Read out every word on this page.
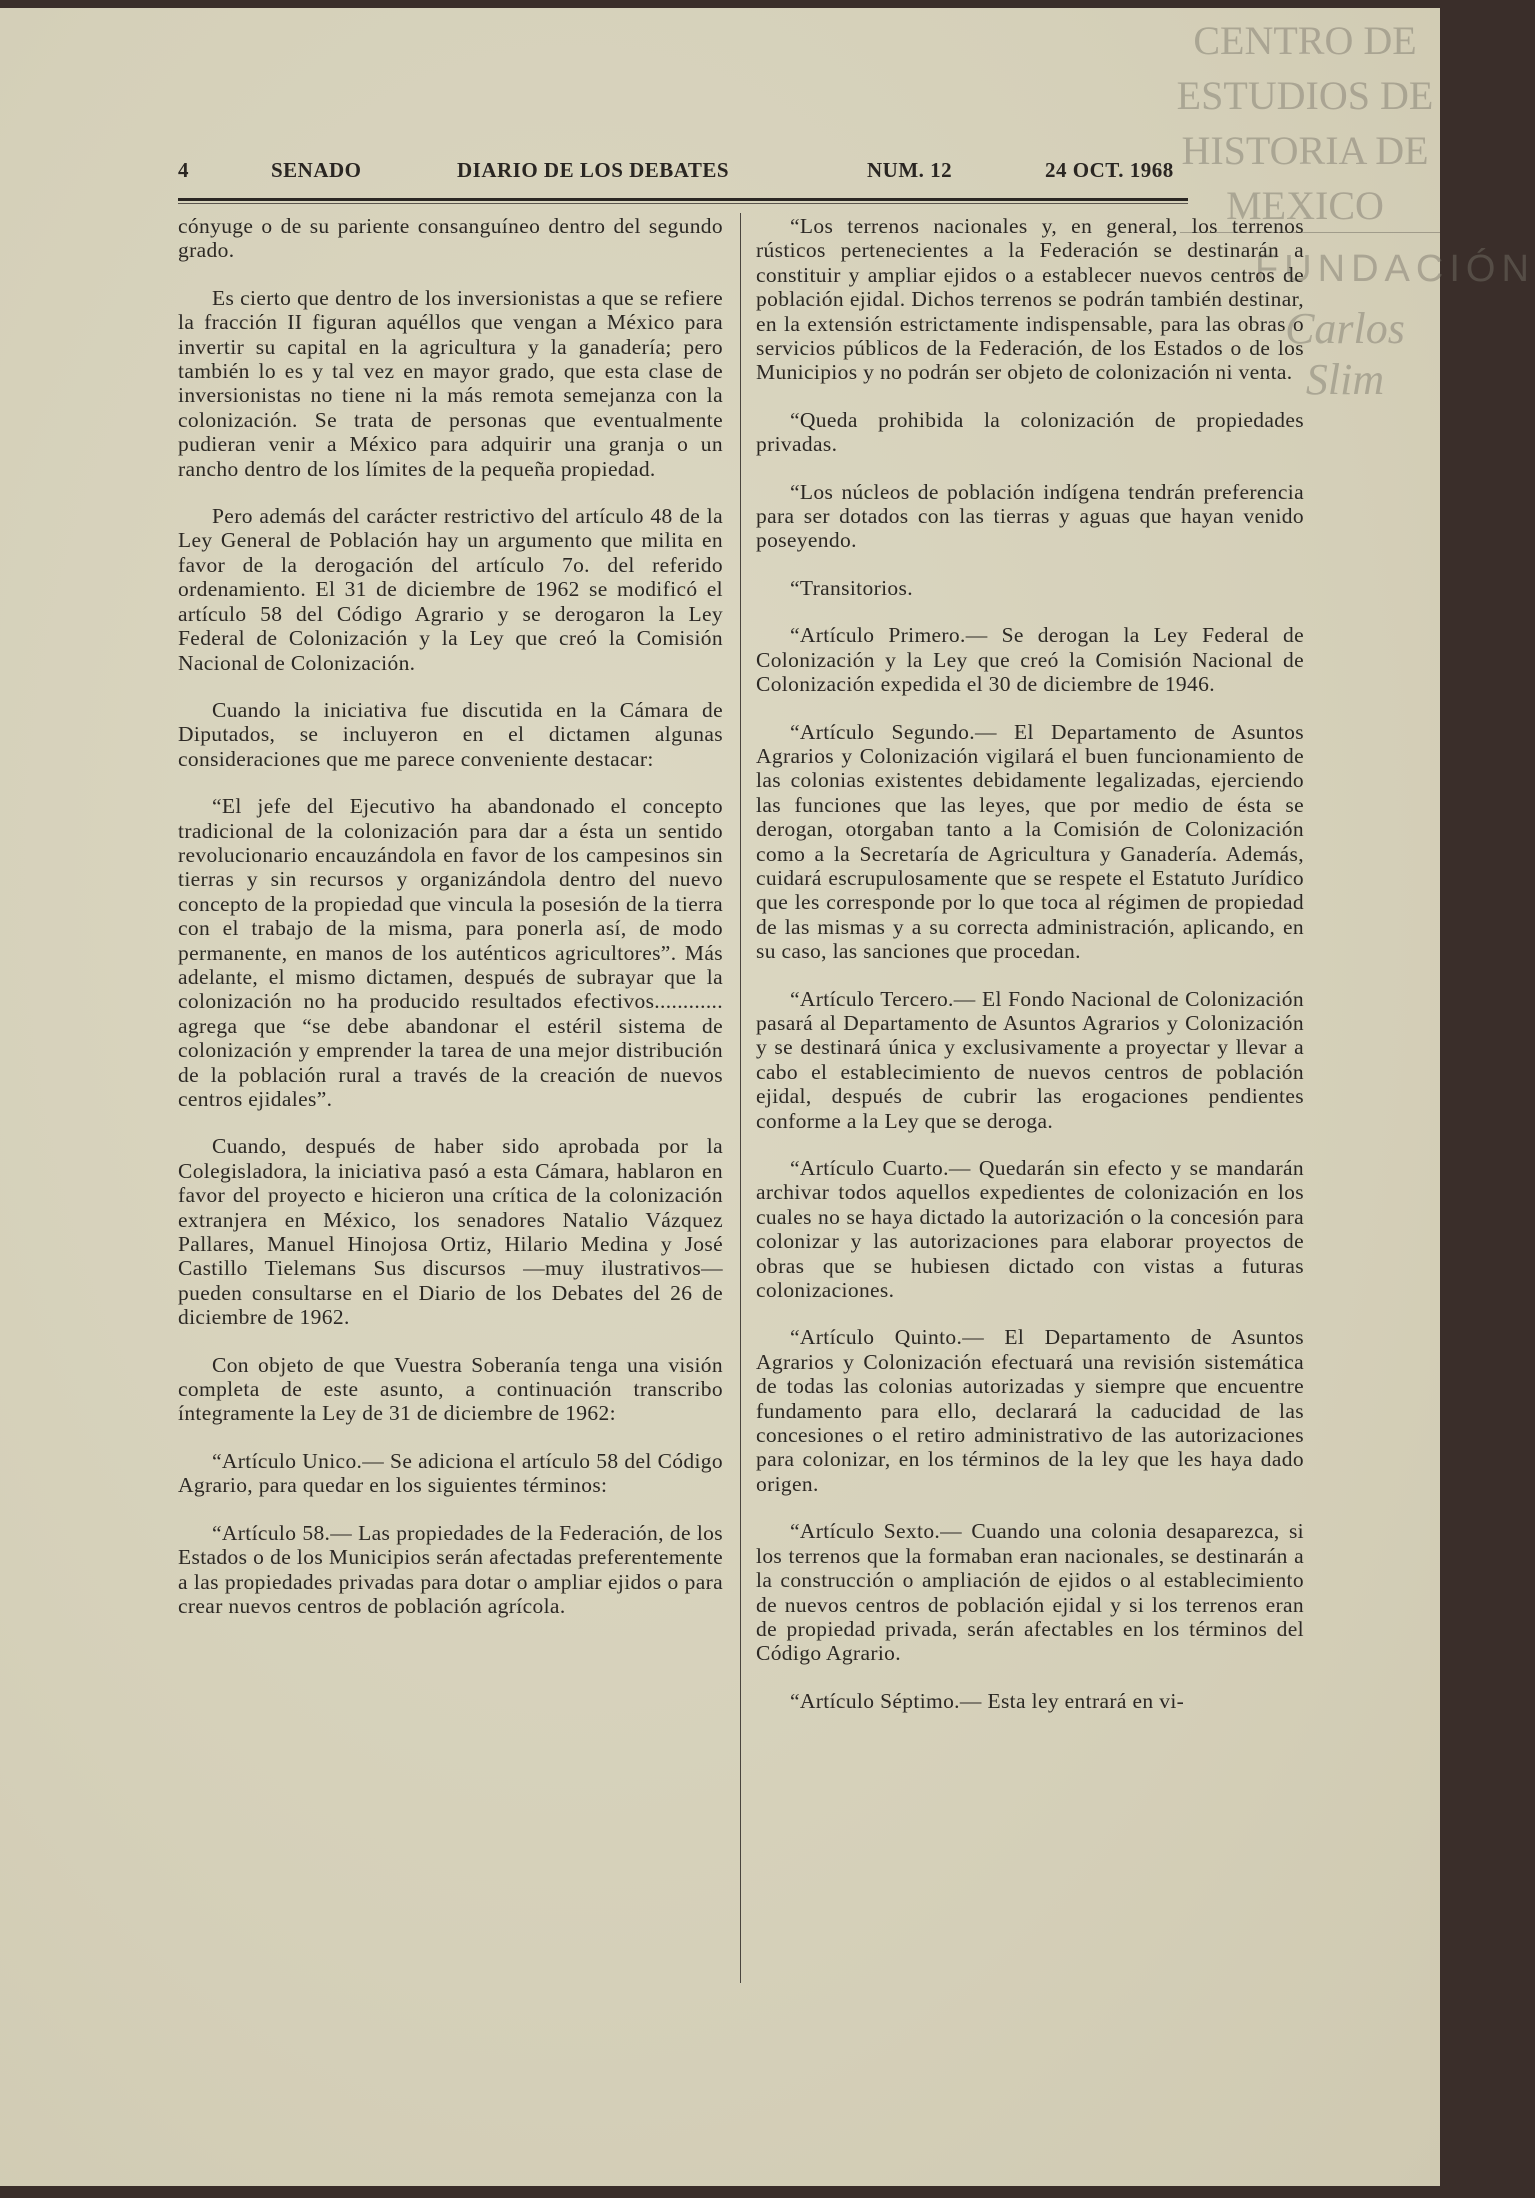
CENTRO DE ESTUDIOS DE HISTORIA DE MEXICO
FUNDACIÓN
Carlos Slim
4	SENADO	DIARIO DE LOS DEBATES	NUM. 12	24 OCT. 1968

cónyuge o de su pariente consanguíneo dentro del segundo grado.

Es cierto que dentro de los inversionistas a que se refiere la fracción II figuran aquéllos que vengan a México para invertir su capital en la agricultura y la ganadería; pero también lo es y tal vez en mayor grado, que esta clase de inversionistas no tiene ni la más remota semejanza con la colonización. Se trata de personas que eventualmente pudieran venir a México para adquirir una granja o un rancho dentro de los límites de la pequeña propiedad.

Pero además del carácter restrictivo del artículo 48 de la Ley General de Población hay un argumento que milita en favor de la derogación del artículo 7o. del referido ordenamiento. El 31 de diciembre de 1962 se modificó el artículo 58 del Código Agrario y se derogaron la Ley Federal de Colonización y la Ley que creó la Comisión Nacional de Colonización.

Cuando la iniciativa fue discutida en la Cámara de Diputados, se incluyeron en el dictamen algunas consideraciones que me parece conveniente destacar:

“El jefe del Ejecutivo ha abandonado el concepto tradicional de la colonización para dar a ésta un sentido revolucionario encauzándola en favor de los campesinos sin tierras y sin recursos y organizándola dentro del nuevo concepto de la propiedad que vincula la posesión de la tierra con el trabajo de la misma, para ponerla así, de modo permanente, en manos de los auténticos agricultores”. Más adelante, el mismo dictamen, después de subrayar que la colonización no ha producido resultados efectivos............ agrega que “se debe abandonar el estéril sistema de colonización y emprender la tarea de una mejor distribución de la población rural a través de la creación de nuevos centros ejidales”.

Cuando, después de haber sido aprobada por la Colegisladora, la iniciativa pasó a esta Cámara, hablaron en favor del proyecto e hicieron una crítica de la colonización extranjera en México, los senadores Natalio Vázquez Pallares, Manuel Hinojosa Ortiz, Hilario Medina y José Castillo Tielemans Sus discursos —muy ilustrativos— pueden consultarse en el Diario de los Debates del 26 de diciembre de 1962.

Con objeto de que Vuestra Soberanía tenga una visión completa de este asunto, a continuación transcribo íntegramente la Ley de 31 de diciembre de 1962:

“Artículo Unico.— Se adiciona el artículo 58 del Código Agrario, para quedar en los siguientes términos:

“Artículo 58.— Las propiedades de la Federación, de los Estados o de los Municipios serán afectadas preferentemente a las propiedades privadas para dotar o ampliar ejidos o para crear nuevos centros de población agrícola.

“Los terrenos nacionales y, en general, los terrenos rústicos pertenecientes a la Federación se destinarán a constituir y ampliar ejidos o a establecer nuevos centros de población ejidal. Dichos terrenos se podrán también destinar, en la extensión estrictamente indispensable, para las obras o servicios públicos de la Federación, de los Estados o de los Municipios y no podrán ser objeto de colonización ni venta.

“Queda prohibida la colonización de propiedades privadas.

“Los núcleos de población indígena tendrán preferencia para ser dotados con las tierras y aguas que hayan venido poseyendo.

“Transitorios.

“Artículo Primero.— Se derogan la Ley Federal de Colonización y la Ley que creó la Comisión Nacional de Colonización expedida el 30 de diciembre de 1946.

“Artículo Segundo.— El Departamento de Asuntos Agrarios y Colonización vigilará el buen funcionamiento de las colonias existentes debidamente legalizadas, ejerciendo las funciones que las leyes, que por medio de ésta se derogan, otorgaban tanto a la Comisión de Colonización como a la Secretaría de Agricultura y Ganadería. Además, cuidará escrupulosamente que se respete el Estatuto Jurídico que les corresponde por lo que toca al régimen de propiedad de las mismas y a su correcta administración, aplicando, en su caso, las sanciones que procedan.

“Artículo Tercero.— El Fondo Nacional de Colonización pasará al Departamento de Asuntos Agrarios y Colonización y se destinará única y exclusivamente a proyectar y llevar a cabo el establecimiento de nuevos centros de población ejidal, después de cubrir las erogaciones pendientes conforme a la Ley que se deroga.

“Artículo Cuarto.— Quedarán sin efecto y se mandarán archivar todos aquellos expedientes de colonización en los cuales no se haya dictado la autorización o la concesión para colonizar y las autorizaciones para elaborar proyectos de obras que se hubiesen dictado con vistas a futuras colonizaciones.

“Artículo Quinto.— El Departamento de Asuntos Agrarios y Colonización efectuará una revisión sistemática de todas las colonias autorizadas y siempre que encuentre fundamento para ello, declarará la caducidad de las concesiones o el retiro administrativo de las autorizaciones para colonizar, en los términos de la ley que les haya dado origen.

“Artículo Sexto.— Cuando una colonia desaparezca, si los terrenos que la formaban eran nacionales, se destinarán a la construcción o ampliación de ejidos o al establecimiento de nuevos centros de población ejidal y si los terrenos eran de propiedad privada, serán afectables en los términos del Código Agrario.

“Artículo Séptimo.— Esta ley entrará en vi-
